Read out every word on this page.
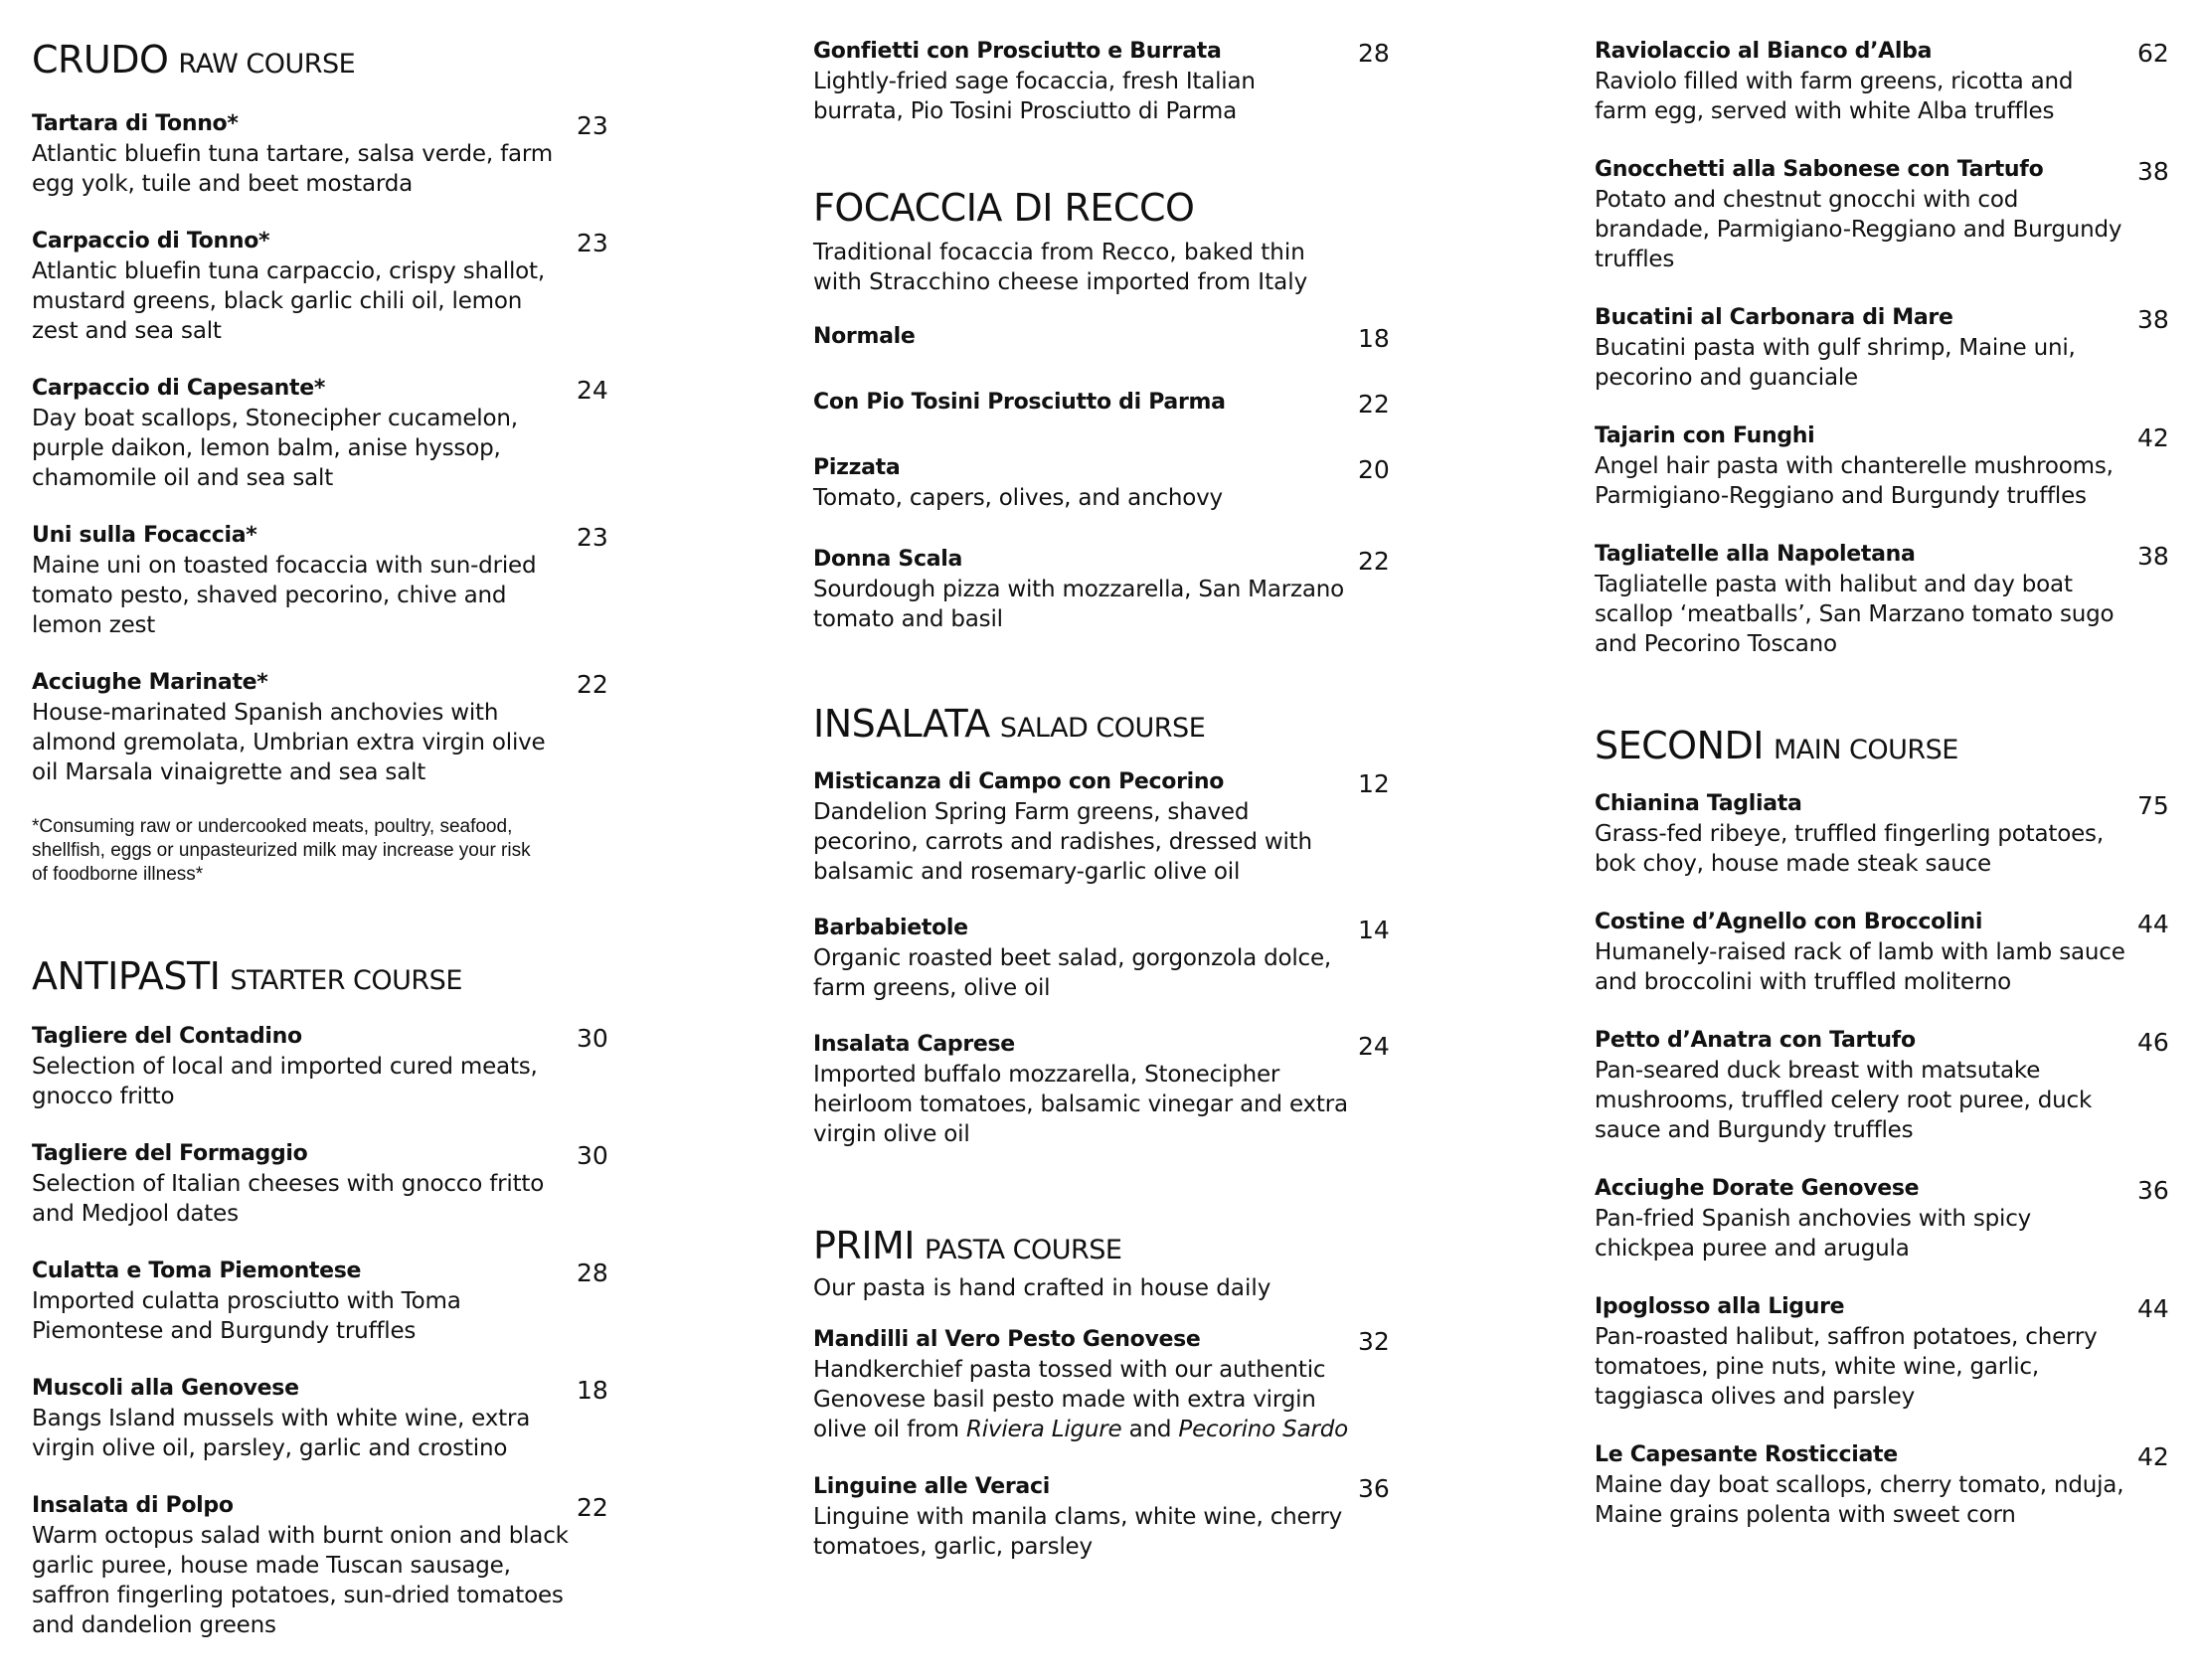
CRUDO RAW COURSE
Tartara di Tonno*
Atlantic bluefin tuna tartare, salsa verde, farm egg yolk, tuile and beet mostarda
23
Carpaccio di Tonno*
Atlantic bluefin tuna carpaccio, crispy shallot, mustard greens, black garlic chili oil, lemon zest and sea salt
23
Carpaccio di Capesante*
Day boat scallops, Stonecipher cucamelon, purple daikon, lemon balm, anise hyssop, chamomile oil and sea salt
24
Uni sulla Focaccia*
Maine uni on toasted focaccia with sun-dried tomato pesto, shaved pecorino, chive and lemon zest
23
Acciughe Marinate*
House-marinated Spanish anchovies with almond gremolata, Umbrian extra virgin olive oil Marsala vinaigrette and sea salt
22

*Consuming raw or undercooked meats, poultry, seafood, shellfish, eggs or unpasteurized milk may increase your risk of foodborne illness*

ANTIPASTI STARTER COURSE
Tagliere del Contadino
Selection of local and imported cured meats, gnocco fritto
30
Tagliere del Formaggio
Selection of Italian cheeses with gnocco fritto and Medjool dates
30
Culatta e Toma Piemontese
Imported culatta prosciutto with Toma Piemontese and Burgundy truffles
28
Muscoli alla Genovese
Bangs Island mussels with white wine, extra virgin olive oil, parsley, garlic and crostino
18
Insalata di Polpo
Warm octopus salad with burnt onion and black garlic puree, house made Tuscan sausage, saffron fingerling potatoes, sun-dried tomatoes and dandelion greens
22
Gonfietti con Prosciutto e Burrata
Lightly-fried sage focaccia, fresh Italian burrata, Pio Tosini Prosciutto di Parma
28
FOCACCIA DI RECCO

Traditional focaccia from Recco, baked thin with Stracchino cheese imported from Italy

Normale	18
Con Pio Tosini Prosciutto di Parma	22
Pizzata
Tomato, capers, olives, and anchovy
20
Donna Scala
Sourdough pizza with mozzarella, San Marzano tomato and basil
22
INSALATA SALAD COURSE
Misticanza di Campo con Pecorino
Dandelion Spring Farm greens, shaved pecorino, carrots and radishes, dressed with balsamic and rosemary-garlic olive oil
12
Barbabietole
Organic roasted beet salad, gorgonzola dolce, farm greens, olive oil
14
Insalata Caprese
Imported buffalo mozzarella, Stonecipher heirloom tomatoes, balsamic vinegar and extra virgin olive oil
24
PRIMI PASTA COURSE

Our pasta is hand crafted in house daily

Mandilli al Vero Pesto Genovese
Handkerchief pasta tossed with our authentic Genovese basil pesto made with extra virgin olive oil from Riviera Ligure and Pecorino Sardo
32
Linguine alle Veraci
Linguine with manila clams, white wine, cherry tomatoes, garlic, parsley
36
Raviolaccio al Bianco d’Alba
Raviolo filled with farm greens, ricotta and farm egg, served with white Alba truffles
62
Gnocchetti alla Sabonese con Tartufo
Potato and chestnut gnocchi with cod brandade, Parmigiano-Reggiano and Burgundy truffles
38
Bucatini al Carbonara di Mare
Bucatini pasta with gulf shrimp, Maine uni, pecorino and guanciale
38
Tajarin con Funghi
Angel hair pasta with chanterelle mushrooms, Parmigiano-Reggiano and Burgundy truffles
42
Tagliatelle alla Napoletana
Tagliatelle pasta with halibut and day boat scallop ‘meatballs’, San Marzano tomato sugo and Pecorino Toscano
38
SECONDI MAIN COURSE
Chianina Tagliata
Grass-fed ribeye, truffled fingerling potatoes, bok choy, house made steak sauce
75
Costine d’Agnello con Broccolini
Humanely-raised rack of lamb with lamb sauce and broccolini with truffled moliterno
44
Petto d’Anatra con Tartufo
Pan-seared duck breast with matsutake mushrooms, truffled celery root puree, duck sauce and Burgundy truffles
46
Acciughe Dorate Genovese
Pan-fried Spanish anchovies with spicy chickpea puree and arugula
36
Ipoglosso alla Ligure
Pan-roasted halibut, saffron potatoes, cherry tomatoes, pine nuts, white wine, garlic, taggiasca olives and parsley
44
Le Capesante Rosticciate
Maine day boat scallops, cherry tomato, nduja, Maine grains polenta with sweet corn
42
